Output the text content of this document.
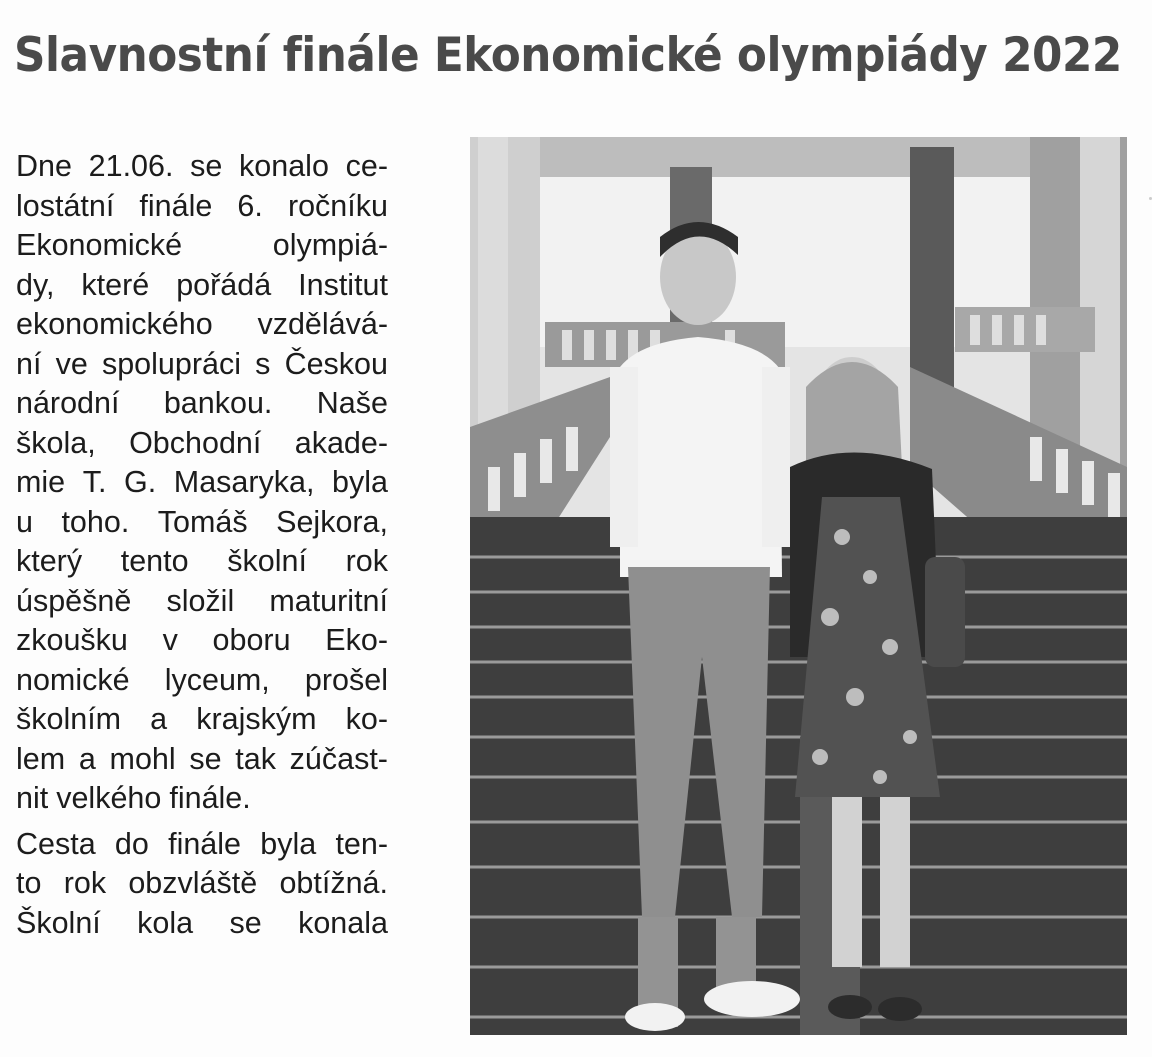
Slavnostní finále Ekonomické olympiády 2022
Dne 21.06. se konalo ce-
lostátní finále 6. ročníku
Ekonomické	olympiá-
dy, které pořádá Institut
ekonomického vzdělává-
ní ve spolupráci s Českou
národní bankou. Naše
škola, Obchodní akade-
mie T. G. Masaryka, byla
u toho. Tomáš Sejkora,
který tento školní rok
úspěšně složil maturitní
zkoušku v oboru Eko-
nomické lyceum, prošel
školním a krajským ko-
lem a mohl se tak zúčast-
nit velkého finále.
Cesta do finále byla ten-
to rok obzvláště obtížná.
Školní kola se konala
